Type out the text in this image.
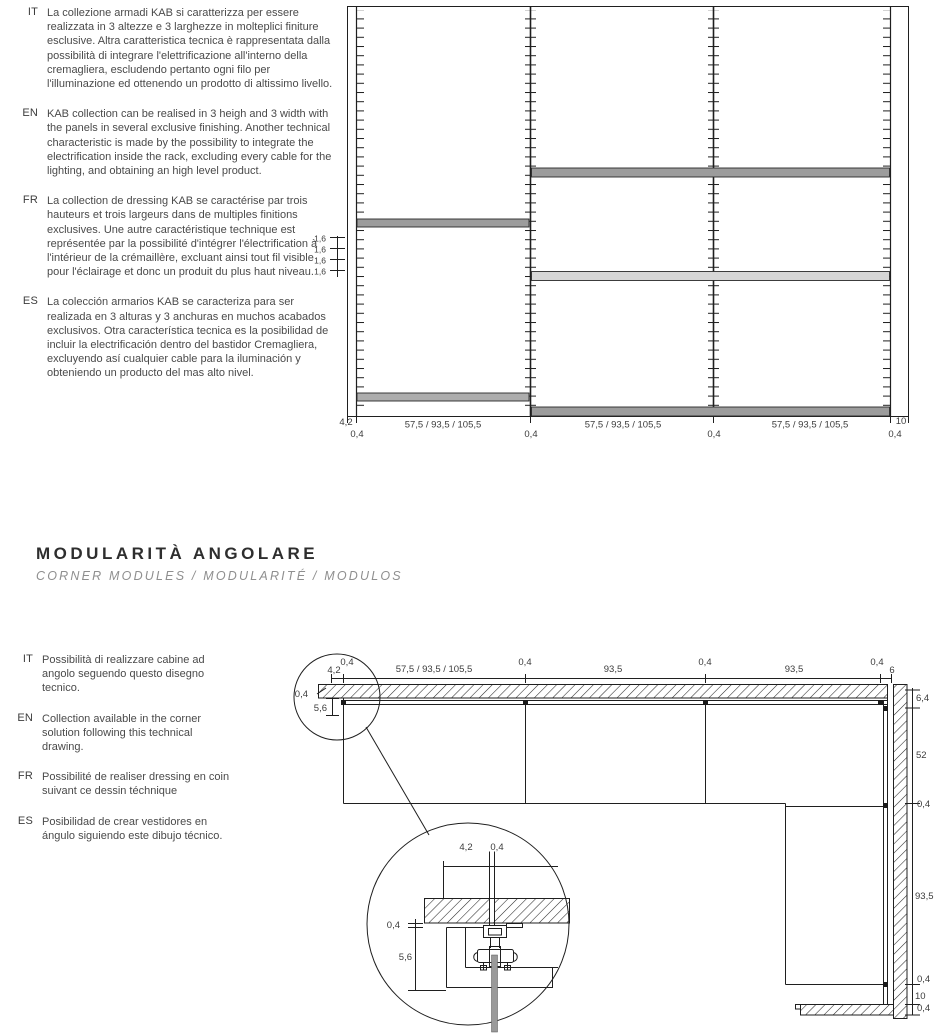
IT La collezione armadi KAB si caratterizza per essere realizzata in 3 altezze e 3 larghezze in molteplici finiture esclusive. Altra caratteristica tecnica è rappresentata dalla possibilità di integrare l'elettrificazione all'interno della cremagliera, escludendo pertanto ogni filo per l'illuminazione ed ottenendo un prodotto di altissimo livello.

EN KAB collection can be realised in 3 heigh and 3 width with the panels in several exclusive finishing. Another technical characteristic is made by the possibility to integrate the electrification inside the rack, excluding every cable for the lighting, and obtaining an high level product.

FR La collection de dressing KAB se caractérise par trois hauteurs et trois largeurs dans de multiples finitions exclusives. Une autre caractéristique technique est représentée par la possibilité d'intégrer l'électrification à l'intérieur de la crémaillère, excluant ainsi tout fil visible pour l'éclairage et donc un produit du plus haut niveau.

ES La colección armarios KAB se caracteriza para ser realizada en 3 alturas y 3 anchuras en muchos acabados exclusivos. Otra característica tecnica es la posibilidad de incluir la electrificación dentro del bastidor Cremagliera, excluyendo así cualquier cable para la iluminación y obteniendo un producto del mas alto nivel.

1,6
1,6
1,6
1,6
4,2
0,4
57,5 / 93,5 / 105,5
0,4
57,5 / 93,5 / 105,5
0,4
57,5 / 93,5 / 105,5	10
0,4
MODULARITÀ ANGOLARE

CORNER MODULES / MODULARITÉ / MODULOS

IT Possibilità di realizzare cabine ad angolo seguendo questo disegno tecnico.

EN Collection available in the corner solution following this technical drawing.

FR Possibilité de realiser dressing en coin suivant ce dessin téchnique

ES Posibilidad de crear vestidores en ángulo siguiendo este dibujo técnico.

0,4
4,2	57,5 / 93,5 / 105,5
0,4
93,5
0,4
93,5
0,4
6
6,4
52
0,4
93,5
0,4
10
0,4
0,4
5,6
4,2 0,4
0,4
5,6
